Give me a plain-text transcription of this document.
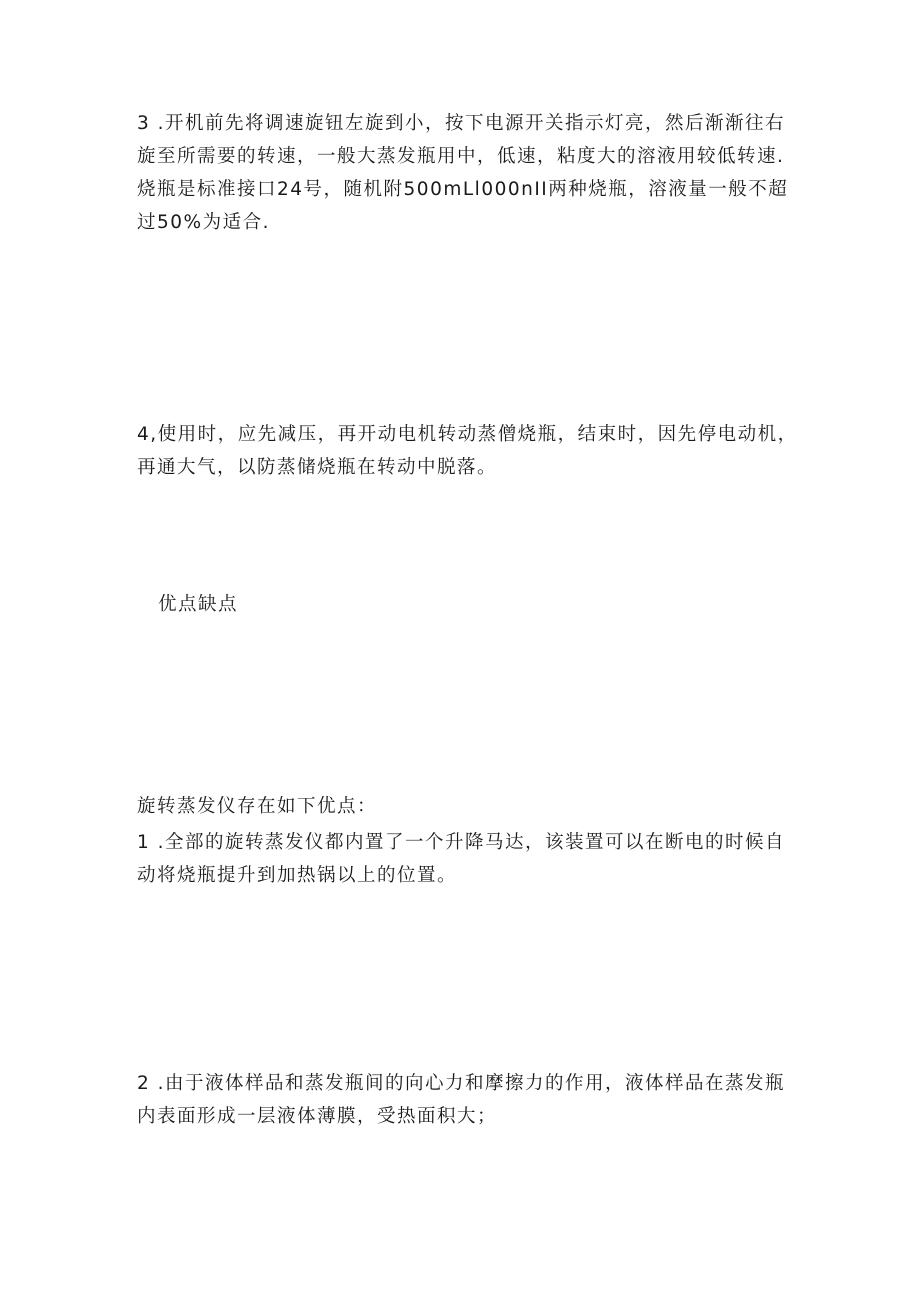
3 .开机前先将调速旋钮左旋到小，按下电源开关指示灯亮，然后渐渐往右
旋至所需要的转速，一般大蒸发瓶用中，低速，粘度大的溶液用较低转速.
烧瓶是标准接口24号，随机附500mLl000nII两种烧瓶，溶液量一般不超
过50%为适合.
4,使用时，应先减压，再开动电机转动蒸僧烧瓶，结束时，因先停电动机，
再通大气，以防蒸储烧瓶在转动中脱落。
优点缺点
旋转蒸发仪存在如下优点：
1 .全部的旋转蒸发仪都内置了一个升降马达，该装置可以在断电的时候自
动将烧瓶提升到加热锅以上的位置。
2 .由于液体样品和蒸发瓶间的向心力和摩擦力的作用，液体样品在蒸发瓶
内表面形成一层液体薄膜，受热面积大；
